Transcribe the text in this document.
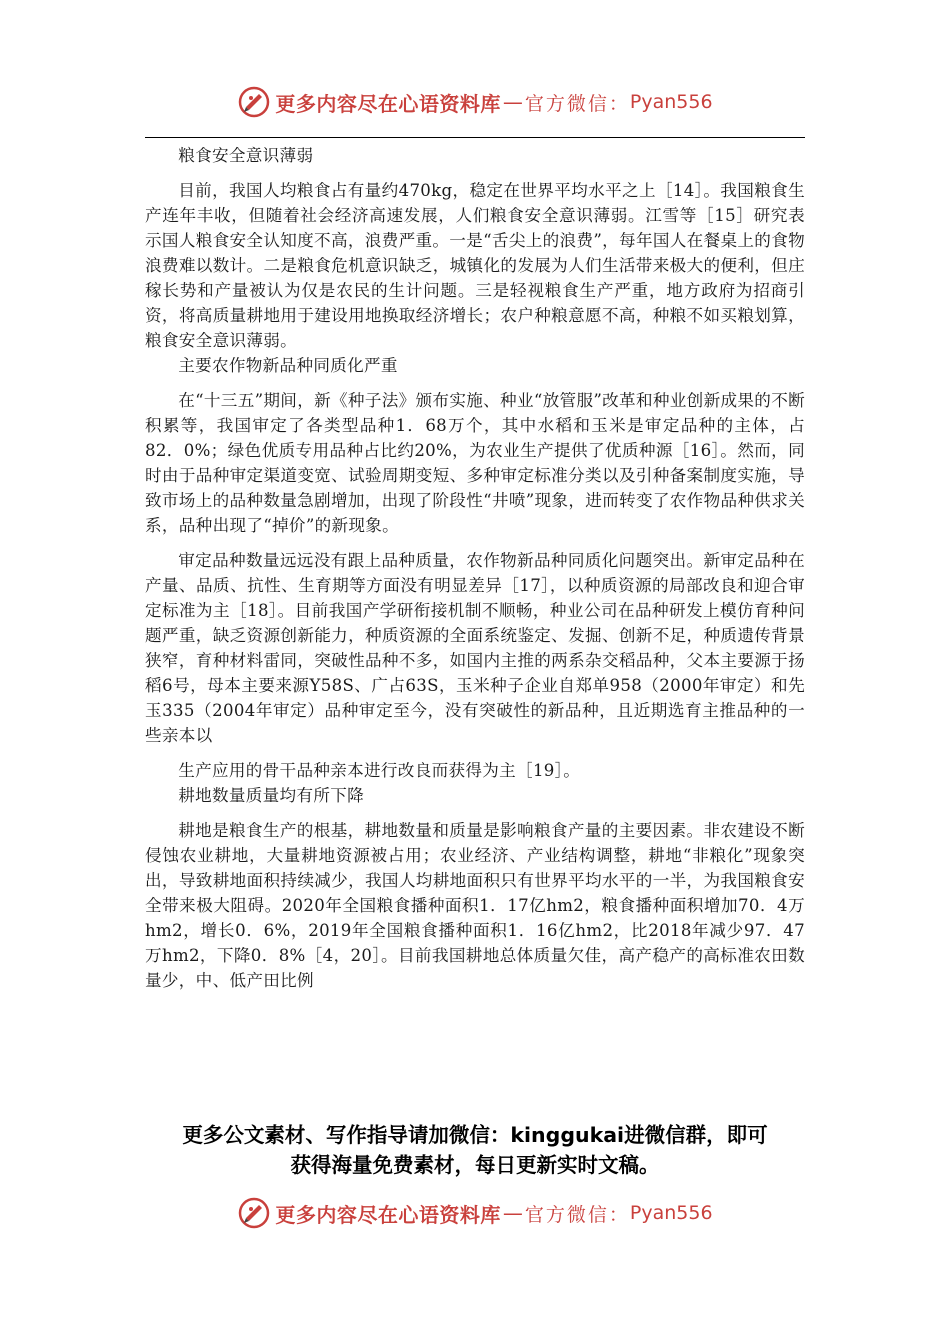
更多内容尽在心语资料库 — 官方微信： Pyan556

粮食安全意识薄弱

目前，我国人均粮食占有量约470kg，稳定在世界平均水平之上［14］。我国粮食生产连年丰收，但随着社会经济高速发展，人们粮食安全意识薄弱。江雪等［15］研究表示国人粮食安全认知度不高，浪费严重。一是“舌尖上的浪费”，每年国人在餐桌上的食物浪费难以数计。二是粮食危机意识缺乏，城镇化的发展为人们生活带来极大的便利，但庄稼长势和产量被认为仅是农民的生计问题。三是轻视粮食生产严重，地方政府为招商引资，将高质量耕地用于建设用地换取经济增长；农户种粮意愿不高，种粮不如买粮划算，粮食安全意识薄弱。

主要农作物新品种同质化严重

在“十三五”期间，新《种子法》颁布实施、种业“放管服”改革和种业创新成果的不断积累等，我国审定了各类型品种1．68万个，其中水稻和玉米是审定品种的主体，占82．0%；绿色优质专用品种占比约20%，为农业生产提供了优质种源［16］。然而，同时由于品种审定渠道变宽、试验周期变短、多种审定标准分类以及引种备案制度实施，导致市场上的品种数量急剧增加，出现了阶段性“井喷”现象，进而转变了农作物品种供求关系，品种出现了“掉价”的新现象。

审定品种数量远远没有跟上品种质量，农作物新品种同质化问题突出。新审定品种在产量、品质、抗性、生育期等方面没有明显差异［17］，以种质资源的局部改良和迎合审定标准为主［18］。目前我国产学研衔接机制不顺畅，种业公司在品种研发上模仿育种问题严重，缺乏资源创新能力，种质资源的全面系统鉴定、发掘、创新不足，种质遗传背景狭窄，育种材料雷同，突破性品种不多，如国内主推的两系杂交稻品种，父本主要源于扬稻6号，母本主要来源Y58S、广占63S，玉米种子企业自郑单958（2000年审定）和先玉335（2004年审定）品种审定至今，没有突破性的新品种，且近期选育主推品种的一些亲本以

生产应用的骨干品种亲本进行改良而获得为主［19］。

耕地数量质量均有所下降

耕地是粮食生产的根基，耕地数量和质量是影响粮食产量的主要因素。非农建设不断侵蚀农业耕地，大量耕地资源被占用；农业经济、产业结构调整，耕地“非粮化”现象突出，导致耕地面积持续减少，我国人均耕地面积只有世界平均水平的一半，为我国粮食安全带来极大阻碍。2020年全国粮食播种面积1．17亿hm2，粮食播种面积增加70．4万hm2，增长0．6%，2019年全国粮食播种面积1．16亿hm2，比2018年减少97．47万hm2，下降0．8%［4，20］。目前我国耕地总体质量欠佳，高产稳产的高标准农田数量少，中、低产田比例

更多公文素材、写作指导请加微信：kinggukai进微信群，即可
获得海量免费素材，每日更新实时文稿。
更多内容尽在心语资料库 — 官方微信： Pyan556
